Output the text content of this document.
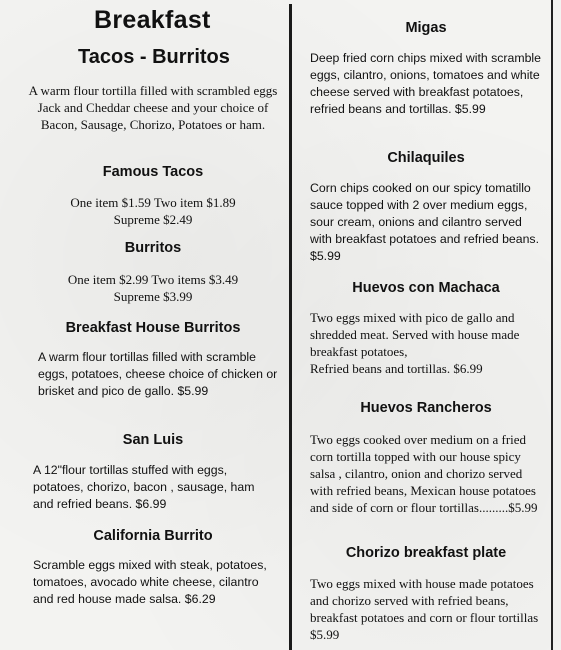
Breakfast
Tacos - Burritos
A warm flour tortilla filled with scrambled eggs Jack and Cheddar cheese and your choice of Bacon, Sausage, Chorizo, Potatoes or ham.
Famous Tacos
One item $1.59 Two item $1.89
Supreme $2.49
Burritos
One item $2.99 Two items $3.49
Supreme $3.99
Breakfast House Burritos
A warm flour tortillas filled with scramble eggs, potatoes, cheese choice of chicken or brisket and pico de gallo. $5.99
San Luis
A 12"flour tortillas stuffed with eggs, potatoes, chorizo, bacon , sausage, ham and refried beans. $6.99
California Burrito
Scramble eggs mixed with steak, potatoes, tomatoes, avocado white cheese, cilantro and red house made salsa. $6.29
Migas
Deep fried corn chips mixed with scramble eggs, cilantro, onions, tomatoes and white cheese served with breakfast potatoes, refried beans and tortillas. $5.99
Chilaquiles
Corn chips cooked on our spicy tomatillo sauce topped with 2 over medium eggs, sour cream, onions and cilantro served with breakfast potatoes and refried beans. $5.99
Huevos con Machaca
Two eggs mixed with pico de gallo and shredded meat. Served with house made breakfast potatoes,
Refried beans and tortillas. $6.99
Huevos Rancheros
Two eggs cooked over medium on a fried corn tortilla topped with our house spicy salsa , cilantro, onion and chorizo served with refried beans, Mexican house potatoes and side of corn or flour tortillas.........$5.99
Chorizo breakfast plate
Two eggs mixed with house made potatoes and chorizo served with refried beans, breakfast potatoes and corn or flour tortillas $5.99
